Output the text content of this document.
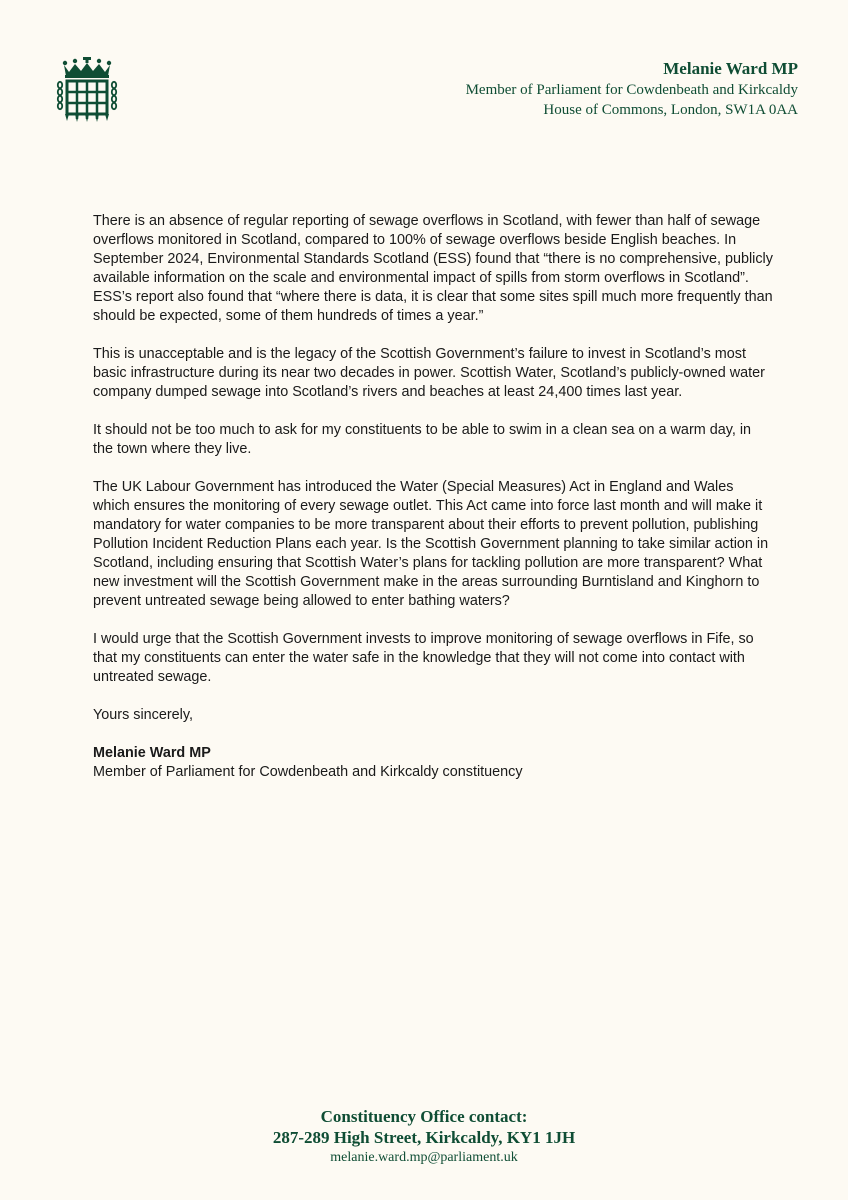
Melanie Ward MP
Member of Parliament for Cowdenbeath and Kirkcaldy
House of Commons, London, SW1A 0AA

There is an absence of regular reporting of sewage overflows in Scotland, with fewer than half of sewage overflows monitored in Scotland, compared to 100% of sewage overflows beside English beaches. In September 2024, Environmental Standards Scotland (ESS) found that “there is no comprehensive, publicly available information on the scale and environmental impact of spills from storm overflows in Scotland”. ESS’s report also found that “where there is data, it is clear that some sites spill much more frequently than should be expected, some of them hundreds of times a year.”

This is unacceptable and is the legacy of the Scottish Government’s failure to invest in Scotland’s most basic infrastructure during its near two decades in power. Scottish Water, Scotland’s publicly-owned water company dumped sewage into Scotland’s rivers and beaches at least 24,400 times last year.

It should not be too much to ask for my constituents to be able to swim in a clean sea on a warm day, in the town where they live.

The UK Labour Government has introduced the Water (Special Measures) Act in England and Wales which ensures the monitoring of every sewage outlet. This Act came into force last month and will make it mandatory for water companies to be more transparent about their efforts to prevent pollution, publishing Pollution Incident Reduction Plans each year. Is the Scottish Government planning to take similar action in Scotland, including ensuring that Scottish Water’s plans for tackling pollution are more transparent? What new investment will the Scottish Government make in the areas surrounding Burntisland and Kinghorn to prevent untreated sewage being allowed to enter bathing waters?

I would urge that the Scottish Government invests to improve monitoring of sewage overflows in Fife, so that my constituents can enter the water safe in the knowledge that they will not come into contact with untreated sewage.

Yours sincerely,

Melanie Ward MP
Member of Parliament for Cowdenbeath and Kirkcaldy constituency
Constituency Office contact:
287-289 High Street, Kirkcaldy, KY1 1JH
melanie.ward.mp@parliament.uk
